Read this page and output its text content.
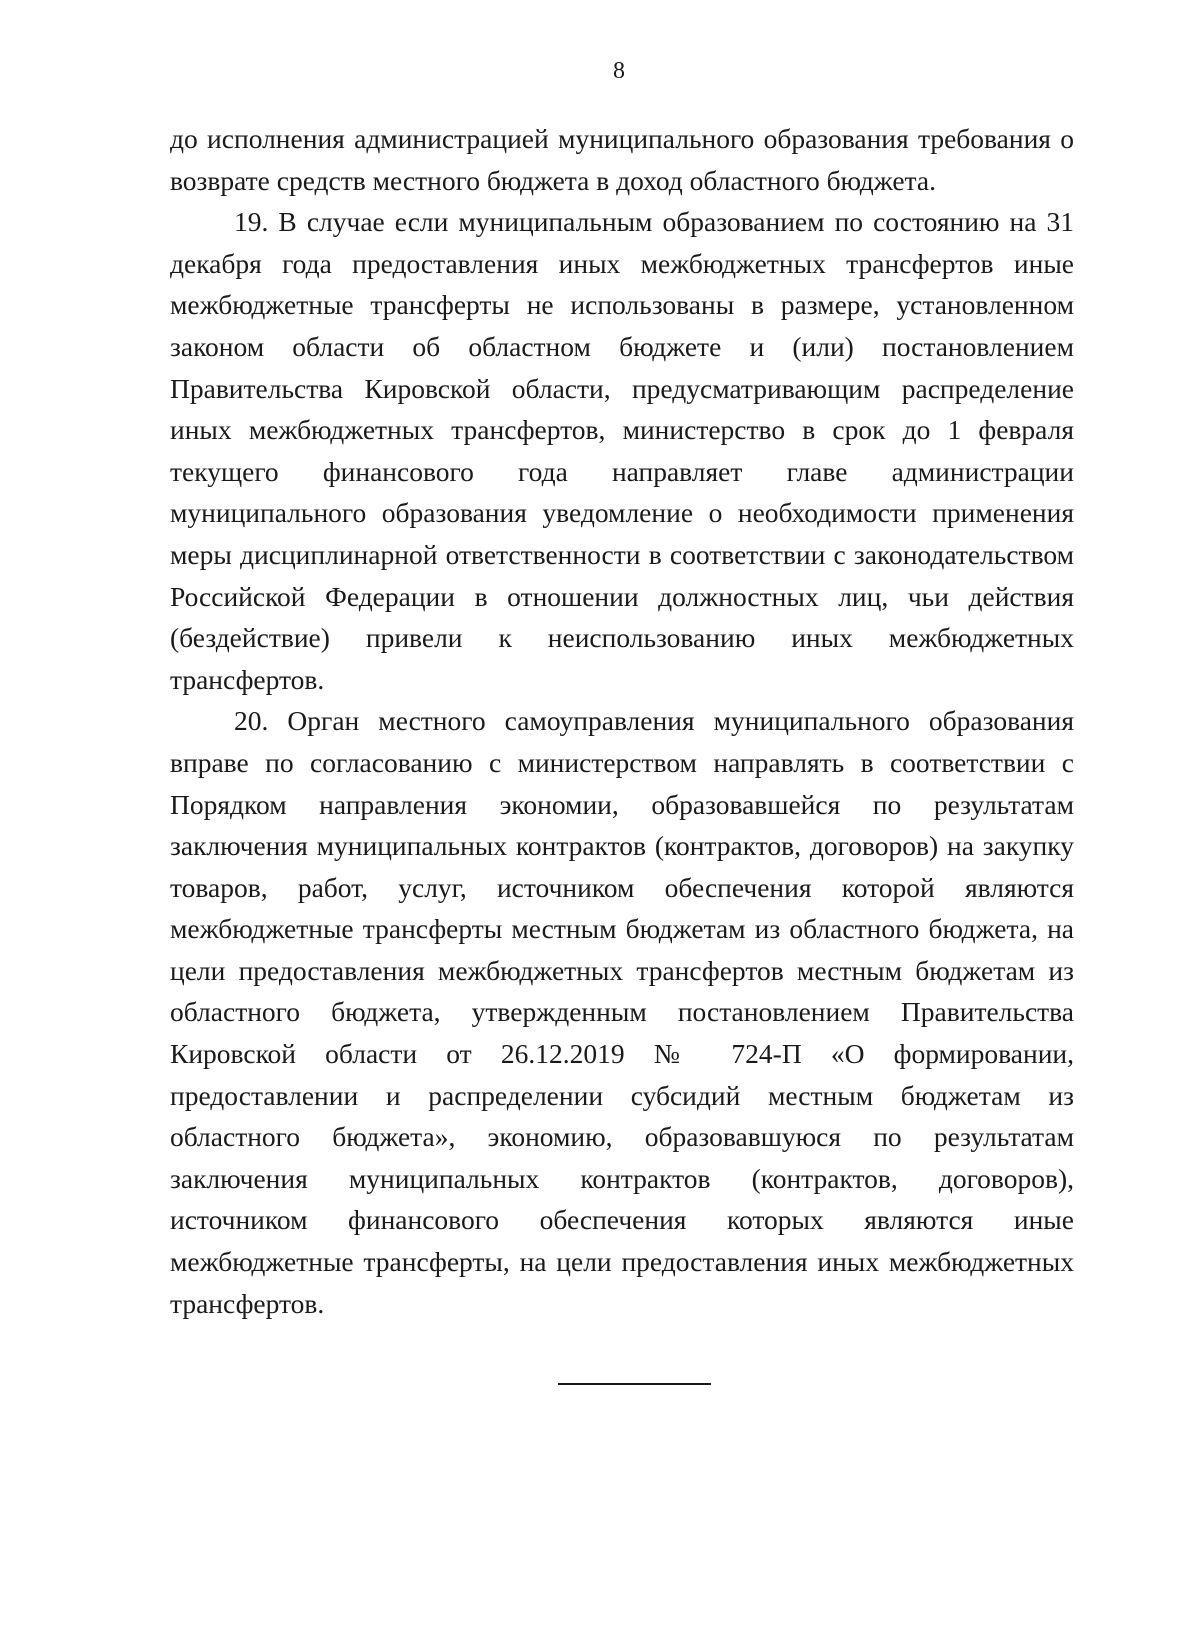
8

до исполнения администрацией муниципального образования требования о возврате средств местного бюджета в доход областного бюджета.

19. В случае если муниципальным образованием по состоянию на 31 декабря года предоставления иных межбюджетных трансфертов иные межбюджетные трансферты не использованы в размере, установленном законом области об областном бюджете и (или) постановлением Правительства Кировской области, предусматривающим распределение иных межбюджетных трансфертов, министерство в срок до 1 февраля текущего финансового года направляет главе администрации муниципального образования уведомление о необходимости применения меры дисциплинарной ответственности в соответствии с законодательством Российской Федерации в отношении должностных лиц, чьи действия (бездействие) привели к неиспользованию иных межбюджетных трансфертов.

20. Орган местного самоуправления муниципального образования вправе по согласованию с министерством направлять в соответствии с Порядком направления экономии, образовавшейся по результатам заключения муниципальных контрактов (контрактов, договоров) на закупку товаров, работ, услуг, источником обеспечения которой являются межбюджетные трансферты местным бюджетам из областного бюджета, на цели предоставления межбюджетных трансфертов местным бюджетам из областного бюджета, утвержденным постановлением Правительства Кировской области от 26.12.2019 № 724-П «О формировании, предоставлении и распределении субсидий местным бюджетам из областного бюджета», экономию, образовавшуюся по результатам заключения муниципальных контрактов (контрактов, договоров), источником финансового обеспечения которых являются иные межбюджетные трансферты, на цели предоставления иных межбюджетных трансфертов.
